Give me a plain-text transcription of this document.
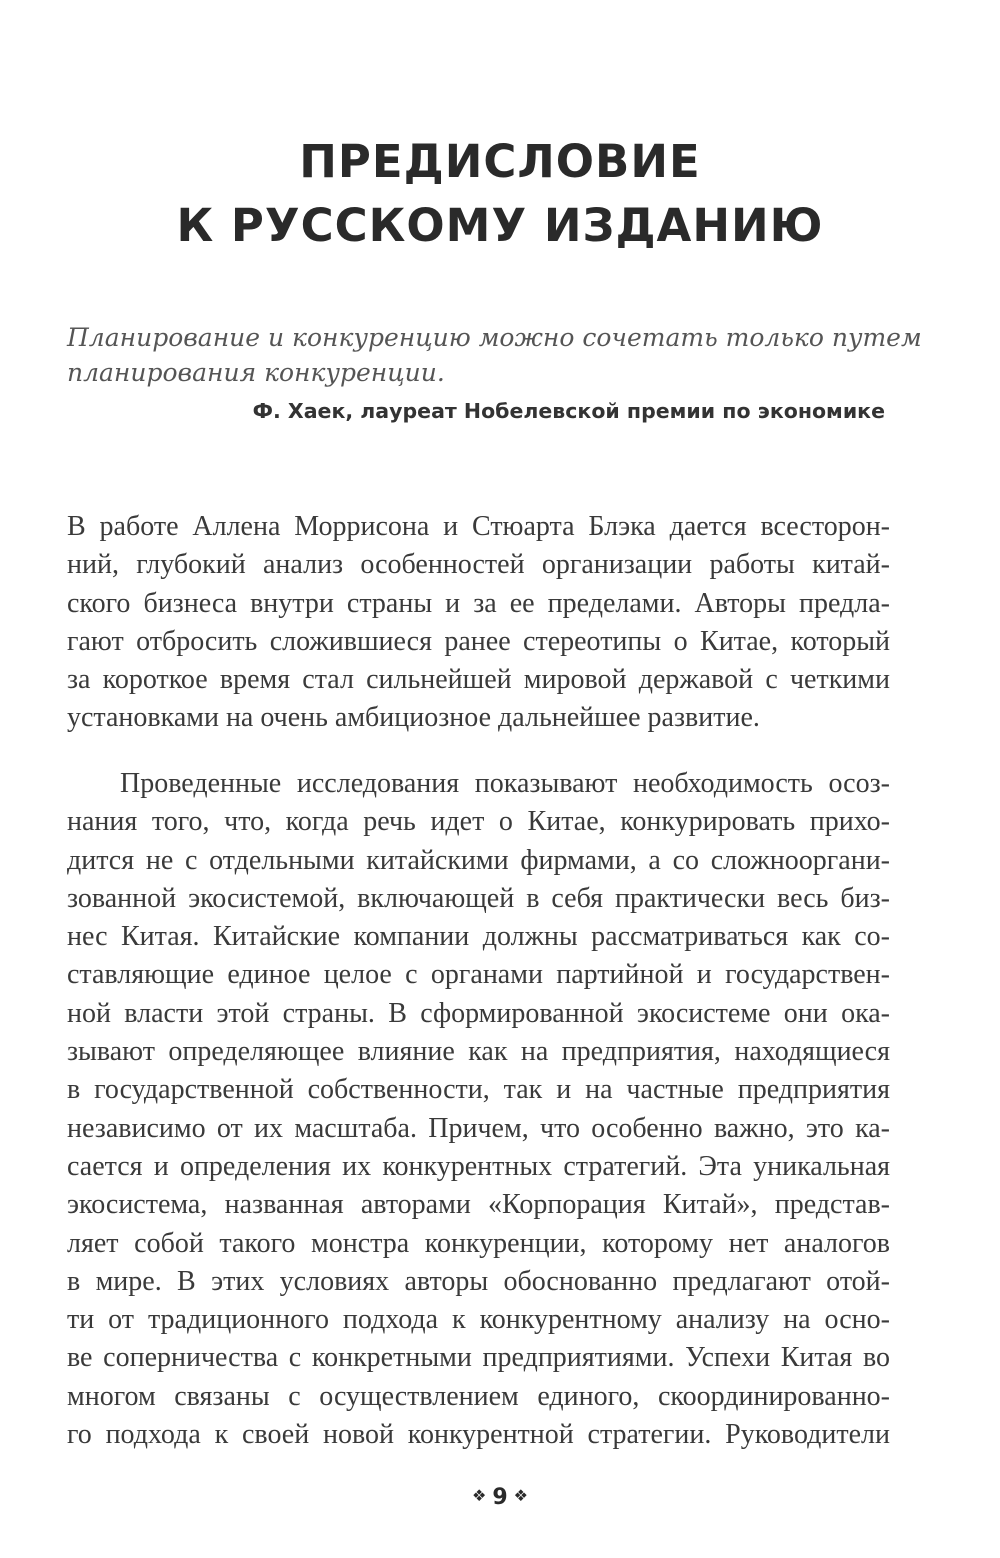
ПРЕДИСЛОВИЕ
К РУССКОМУ ИЗДАНИЮ
Планирование и конкуренцию можно сочетать только путем
планирования конкуренции.
Ф. Хаек, лауреат Нобелевской премии по экономике
В работе Аллена Моррисона и Стюарта Блэка дается всесторон-
ний, глубокий анализ особенностей организации работы китай-
ского бизнеса внутри страны и за ее пределами. Авторы предла-
гают отбросить сложившиеся ранее стереотипы о Китае, который
за короткое время стал сильнейшей мировой державой с четкими
установками на очень амбициозное дальнейшее развитие.
Проведенные исследования показывают необходимость осоз-
нания того, что, когда речь идет о Китае, конкурировать прихо-
дится не с отдельными китайскими фирмами, а со сложнооргани-
зованной экосистемой, включающей в себя практически весь биз-
нес Китая. Китайские компании должны рассматриваться как со-
ставляющие единое целое с органами партийной и государствен-
ной власти этой страны. В сформированной экосистеме они ока-
зывают определяющее влияние как на предприятия, находящиеся
в государственной собственности, так и на частные предприятия
независимо от их масштаба. Причем, что особенно важно, это ка-
сается и определения их конкурентных стратегий. Эта уникальная
экосистема, названная авторами «Корпорация Китай», представ-
ляет собой такого монстра конкуренции, которому нет аналогов
в мире. В этих условиях авторы обоснованно предлагают отой-
ти от традиционного подхода к конкурентному анализу на осно-
ве соперничества с конкретными предприятиями. Успехи Китая во
многом связаны с осуществлением единого, скоординированно-
го подхода к своей новой конкурентной стратегии. Руководители
❖ 9 ❖
